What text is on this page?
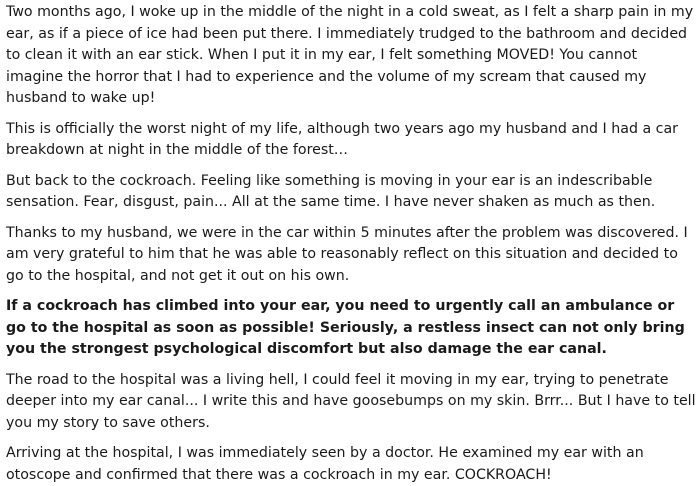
Two months ago, I woke up in the middle of the night in a cold sweat, as I felt a sharp pain in my ear, as if a piece of ice had been put there. I immediately trudged to the bathroom and decided to clean it with an ear stick. When I put it in my ear, I felt something MOVED! You cannot imagine the horror that I had to experience and the volume of my scream that caused my husband to wake up!

This is officially the worst night of my life, although two years ago my husband and I had a car breakdown at night in the middle of the forest…

But back to the cockroach. Feeling like something is moving in your ear is an indescribable sensation. Fear, disgust, pain... All at the same time. I have never shaken as much as then.

Thanks to my husband, we were in the car within 5 minutes after the problem was discovered. I am very grateful to him that he was able to reasonably reflect on this situation and decided to go to the hospital, and not get it out on his own.

If a cockroach has climbed into your ear, you need to urgently call an ambulance or go to the hospital as soon as possible! Seriously, a restless insect can not only bring you the strongest psychological discomfort but also damage the ear canal.

The road to the hospital was a living hell, I could feel it moving in my ear, trying to penetrate deeper into my ear canal... I write this and have goosebumps on my skin. Brrr... But I have to tell you my story to save others.

Arriving at the hospital, I was immediately seen by a doctor. He examined my ear with an otoscope and confirmed that there was a cockroach in my ear. COCKROACH!
